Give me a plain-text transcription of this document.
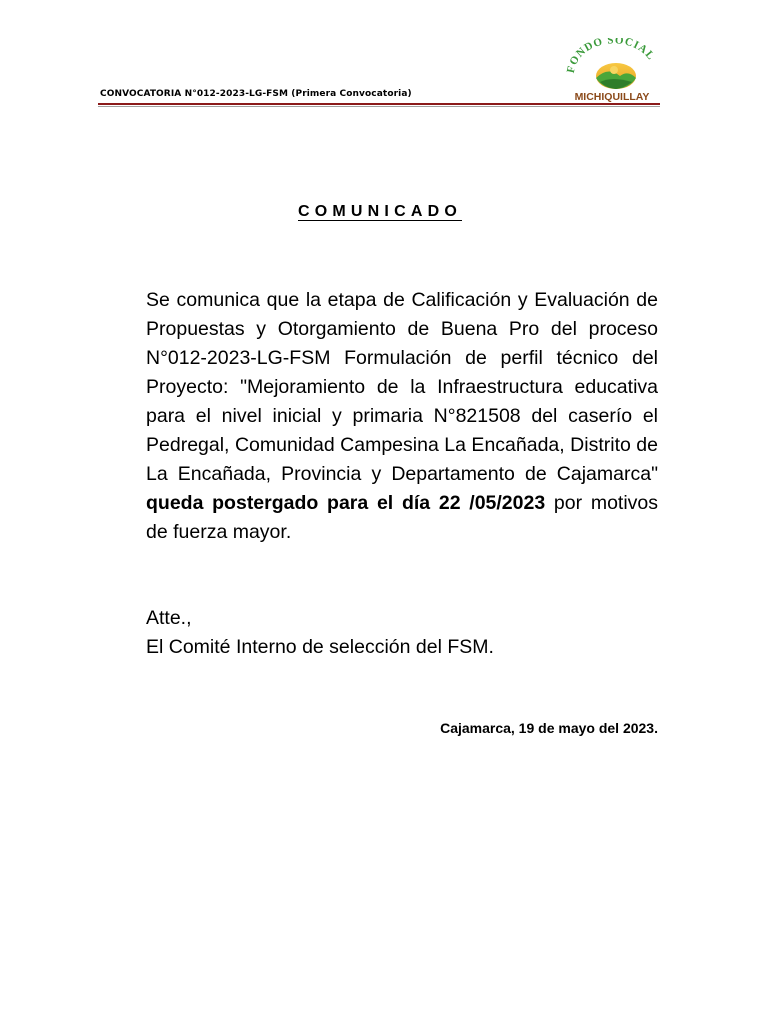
CONVOCATORIA N°012-2023-LG-FSM (Primera Convocatoria)
FONDO SOCIAL
MICHIQUILLAY
COMUNICADO
Se comunica que la etapa de Calificación y Evaluación de Propuestas y Otorgamiento de Buena Pro del proceso N°012-2023-LG-FSM Formulación de perfil técnico del Proyecto: "Mejoramiento de la Infraestructura educativa para el nivel inicial y primaria N°821508 del caserío el Pedregal, Comunidad Campesina La Encañada, Distrito de La Encañada, Provincia y Departamento de Cajamarca" queda postergado para el día 22 /05/2023 por motivos de fuerza mayor.
Atte.,
El Comité Interno de selección del FSM.
Cajamarca, 19 de mayo del 2023.
